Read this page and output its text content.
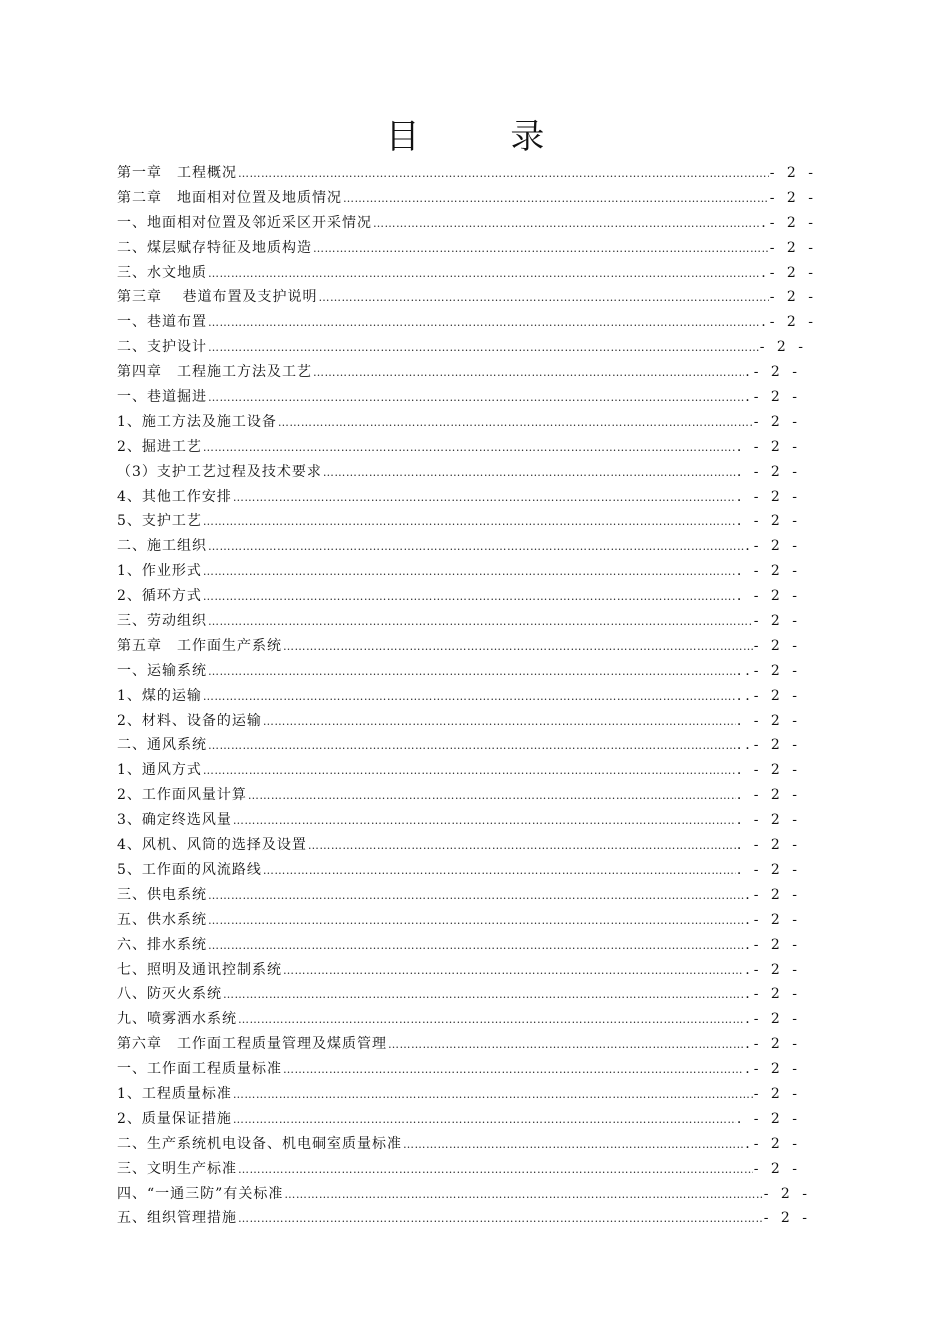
目 录
第一章　工程概况 …………………………………………………………………………………………………………………………………………………………………………………………………………………………………………………………………………	- 2 -
第二章　地面相对位置及地质情况 …………………………………………………………………………………………………………………………………………………………………………………………………………………………………………………………………………	- 2 -
一、地面相对位置及邻近采区开采情况 …………………………………………………………………………………………………………………………………………………………………………………………………………………………………………………………………………	.- 2 -
二、煤层赋存特征及地质构造 …………………………………………………………………………………………………………………………………………………………………………………………………………………………………………………………………………	- 2 -
三、水文地质 …………………………………………………………………………………………………………………………………………………………………………………………………………………………………………………………………………	.- 2 -
第三章　 巷道布置及支护说明 …………………………………………………………………………………………………………………………………………………………………………………………………………………………………………………………………………	- 2 -
一、巷道布置 …………………………………………………………………………………………………………………………………………………………………………………………………………………………………………………………………………	.- 2 -
二、支护设计 …………………………………………………………………………………………………………………………………………………………………………………………………………………………………………………………………………	- 2 -
第四章　工程施工方法及工艺 …………………………………………………………………………………………………………………………………………………………………………………………………………………………………………………………………………	.- 2 -
一、巷道掘进 …………………………………………………………………………………………………………………………………………………………………………………………………………………………………………………………………………	.- 2 -
1、施工方法及施工设备 …………………………………………………………………………………………………………………………………………………………………………………………………………………………………………………………………………	- 2 -
2、掘进工艺 …………………………………………………………………………………………………………………………………………………………………………………………………………………………………………………………………………	. - 2 -
（3）支护工艺过程及技术要求 …………………………………………………………………………………………………………………………………………………………………………………………………………………………………………………………………………	. - 2 -
4、其他工作安排 …………………………………………………………………………………………………………………………………………………………………………………………………………………………………………………………………………	. - 2 -
5、支护工艺 …………………………………………………………………………………………………………………………………………………………………………………………………………………………………………………………………………	. - 2 -
二、施工组织 …………………………………………………………………………………………………………………………………………………………………………………………………………………………………………………………………………	.- 2 -
1、作业形式 …………………………………………………………………………………………………………………………………………………………………………………………………………………………………………………………………………	. - 2 -
2、循环方式 …………………………………………………………………………………………………………………………………………………………………………………………………………………………………………………………………………	. - 2 -
三、劳动组织 …………………………………………………………………………………………………………………………………………………………………………………………………………………………………………………………………………	- 2 -
第五章　工作面生产系统 …………………………………………………………………………………………………………………………………………………………………………………………………………………………………………………………………………	- 2 -
一、运输系统 …………………………………………………………………………………………………………………………………………………………………………………………………………………………………………………………………………	..- 2 -
1、煤的运输 …………………………………………………………………………………………………………………………………………………………………………………………………………………………………………………………………………	..- 2 -
2、材料、设备的运输 …………………………………………………………………………………………………………………………………………………………………………………………………………………………………………………………………………	. - 2 -
二、通风系统 …………………………………………………………………………………………………………………………………………………………………………………………………………………………………………………………………………	..- 2 -
1、通风方式 …………………………………………………………………………………………………………………………………………………………………………………………………………………………………………………………………………	. - 2 -
2、工作面风量计算 …………………………………………………………………………………………………………………………………………………………………………………………………………………………………………………………………………	. - 2 -
3、确定终选风量 …………………………………………………………………………………………………………………………………………………………………………………………………………………………………………………………………………	. - 2 -
4、风机、风筒的选择及设置 …………………………………………………………………………………………………………………………………………………………………………………………………………………………………………………………………………	. - 2 -
5、工作面的风流路线 …………………………………………………………………………………………………………………………………………………………………………………………………………………………………………………………………………	. - 2 -
三、供电系统 …………………………………………………………………………………………………………………………………………………………………………………………………………………………………………………………………………	.- 2 -
五、供水系统 …………………………………………………………………………………………………………………………………………………………………………………………………………………………………………………………………………	.- 2 -
六、排水系统 …………………………………………………………………………………………………………………………………………………………………………………………………………………………………………………………………………	.- 2 -
七、照明及通讯控制系统 …………………………………………………………………………………………………………………………………………………………………………………………………………………………………………………………………………	.- 2 -
八、防灭火系统 …………………………………………………………………………………………………………………………………………………………………………………………………………………………………………………………………………	.- 2 -
九、喷雾洒水系统 …………………………………………………………………………………………………………………………………………………………………………………………………………………………………………………………………………	.- 2 -
第六章　工作面工程质量管理及煤质管理 …………………………………………………………………………………………………………………………………………………………………………………………………………………………………………………………………………	.- 2 -
一、工作面工程质量标准 …………………………………………………………………………………………………………………………………………………………………………………………………………………………………………………………………………	.- 2 -
1、工程质量标准 …………………………………………………………………………………………………………………………………………………………………………………………………………………………………………………………………………	- 2 -
2、质量保证措施 …………………………………………………………………………………………………………………………………………………………………………………………………………………………………………………………………………	. - 2 -
二、生产系统机电设备、机电硐室质量标准 …………………………………………………………………………………………………………………………………………………………………………………………………………………………………………………………………………	.- 2 -
三、文明生产标准 …………………………………………………………………………………………………………………………………………………………………………………………………………………………………………………………………………	- 2 -
四、“一通三防”有关标准 …………………………………………………………………………………………………………………………………………………………………………………………………………………………………………………………………………	- 2 -
五、组织管理措施 …………………………………………………………………………………………………………………………………………………………………………………………………………………………………………………………………………	- 2 -
